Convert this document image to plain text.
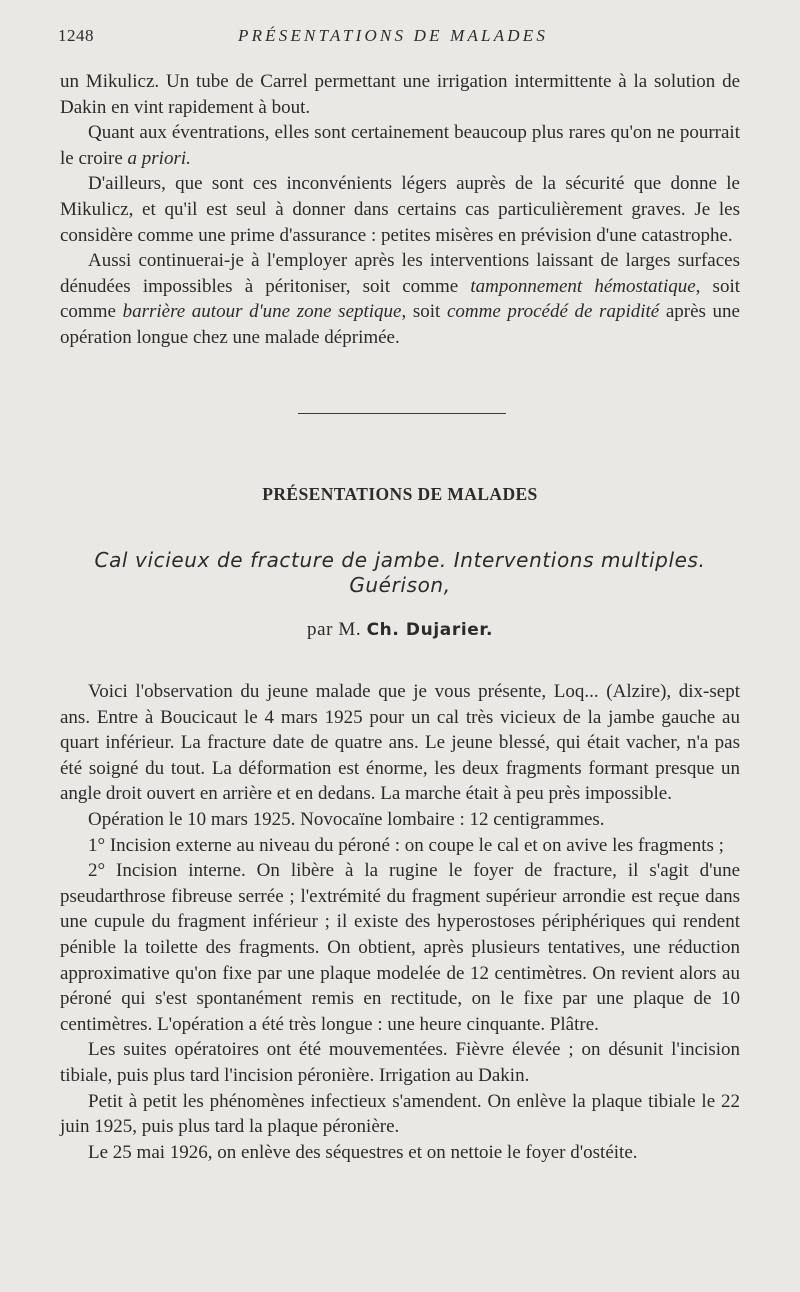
1248	PRÉSENTATIONS DE MALADES

un Mikulicz. Un tube de Carrel permettant une irrigation intermittente à la solution de Dakin en vint rapidement à bout.

Quant aux éventrations, elles sont certainement beaucoup plus rares qu'on ne pourrait le croire a priori.

D'ailleurs, que sont ces inconvénients légers auprès de la sécurité que donne le Mikulicz, et qu'il est seul à donner dans certains cas particulièrement graves. Je les considère comme une prime d'assurance : petites misères en prévision d'une catastrophe.

Aussi continuerai-je à l'employer après les interventions laissant de larges surfaces dénudées impossibles à péritoniser, soit comme tamponnement hémostatique, soit comme barrière autour d'une zone septique, soit comme procédé de rapidité après une opération longue chez une malade déprimée.

PRÉSENTATIONS DE MALADES
Cal vicieux de fracture de jambe. Interventions multiples.
Guérison,
par M. Ch. Dujarier.

Voici l'observation du jeune malade que je vous présente, Loq... (Alzire), dix-sept ans. Entre à Boucicaut le 4 mars 1925 pour un cal très vicieux de la jambe gauche au quart inférieur. La fracture date de quatre ans. Le jeune blessé, qui était vacher, n'a pas été soigné du tout. La déformation est énorme, les deux fragments formant presque un angle droit ouvert en arrière et en dedans. La marche était à peu près impossible.

Opération le 10 mars 1925. Novocaïne lombaire : 12 centigrammes.

1° Incision externe au niveau du péroné : on coupe le cal et on avive les fragments ;

2° Incision interne. On libère à la rugine le foyer de fracture, il s'agit d'une pseudarthrose fibreuse serrée ; l'extrémité du fragment supérieur arrondie est reçue dans une cupule du fragment inférieur ; il existe des hyperostoses périphériques qui rendent pénible la toilette des fragments. On obtient, après plusieurs tentatives, une réduction approximative qu'on fixe par une plaque modelée de 12 centimètres. On revient alors au péroné qui s'est spontanément remis en rectitude, on le fixe par une plaque de 10 centimètres. L'opération a été très longue : une heure cinquante. Plâtre.

Les suites opératoires ont été mouvementées. Fièvre élevée ; on désunit l'incision tibiale, puis plus tard l'incision péronière. Irrigation au Dakin.

Petit à petit les phénomènes infectieux s'amendent. On enlève la plaque tibiale le 22 juin 1925, puis plus tard la plaque péronière.

Le 25 mai 1926, on enlève des séquestres et on nettoie le foyer d'ostéite.
